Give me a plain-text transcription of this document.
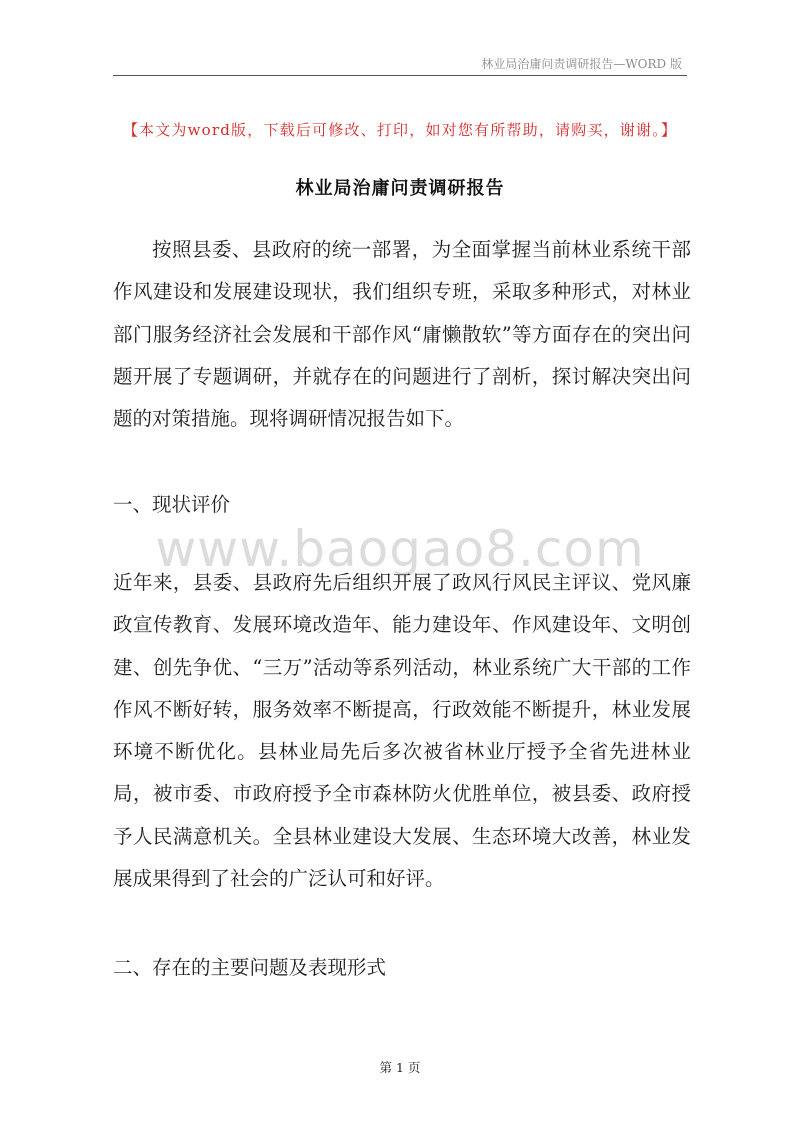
林业局治庸问责调研报告—WORD 版
【本文为word版，下载后可修改、打印，如对您有所帮助，请购买，谢谢。】
林业局治庸问责调研报告

按照县委、县政府的统一部署，为全面掌握当前林业系统干部作风建设和发展建设现状，我们组织专班，采取多种形式，对林业部门服务经济社会发展和干部作风“庸懒散软”等方面存在的突出问题开展了专题调研，并就存在的问题进行了剖析，探讨解决突出问题的对策措施。现将调研情况报告如下。

一、现状评价
www.baogao8.com

近年来，县委、县政府先后组织开展了政风行风民主评议、党风廉政宣传教育、发展环境改造年、能力建设年、作风建设年、文明创建、创先争优、“三万”活动等系列活动，林业系统广大干部的工作作风不断好转，服务效率不断提高，行政效能不断提升，林业发展环境不断优化。县林业局先后多次被省林业厅授予全省先进林业局，被市委、市政府授予全市森林防火优胜单位，被县委、政府授予人民满意机关。全县林业建设大发展、生态环境大改善，林业发展成果得到了社会的广泛认可和好评。

二、存在的主要问题及表现形式
第 1 页
